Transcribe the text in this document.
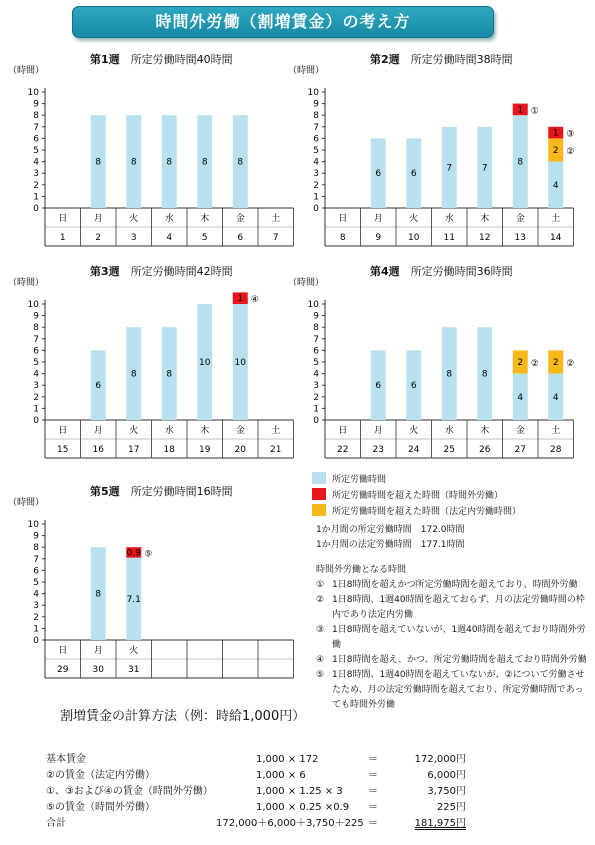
時間外労働（割増賃金）の考え方
第1週　 所定労働時間40時間	第2週　 所定労働時間38時間
第3週　 所定労働時間42時間	第4週　 所定労働時間36時間
第5週　 所定労働時間16時間
（時間）
0
1
2
3
4
5
6
7
8
9
10
日
1
月
2
火
3
水
4
木
5
金
6
土
7
8	8	8	8	8
（時間）
0
1
2
3
4
5
6
7
8
9
10
日
8
月
9
火
10
水
11
木
12
金
13
土
14
6	6
7	7
8
1 ①
4
2 ②
1 ③
（時間）
0
1
2
3
4
5
6
7
8
9
10
日
15
月
16
火
17
水
18
木
19
金
20
土
21
6
8	8
10	10
1 ④
（時間）
0
1
2
3
4
5
6
7
8
9
10
日
22
月
23
火
24
水
25
木
26
金
27
土
28
6	6
8	8
4
2 ②
4
2 ②
（時間）
0
1
2
3
4
5
6
7
8
9
10
日
29
月
30
火
31
8
7.1
0.9 ⑤
所定労働時間
所定労働時間を超えた時間（時間外労働）
所定労働時間を超えた時間（法定内労働時間）
1か月間の所定労働時間　 172.0時間
1か月間の法定労働時間　 177.1時間
時間外労働となる時間
① 1日8時間を超えかつ所定労働時間を超えており、時間外労働
② 1日8時間、1週40時間を超えておらず、月の法定労働時間の枠内であり法定内労働
③ 1日8時間を超えていないが、1週40時間を超えており時間外労働
④ 1日8時間を超え、かつ、所定労働時間を超えており時間外労働
⑤ 1日8時間、1週40時間を超えていないが、②について労働させたため、月の法定労働時間を超えており、所定労働時間であっても時間外労働
割増賃金の計算方法（例：時給1,000円）
基本賃金	1,000 × 172	＝	172,000円
②の賃金（法定内労働）	1,000 × 6	＝	6,000円
①、③および④の賃金（時間外労働）	1,000 × 1.25 × 3	＝	3,750円
⑤の賃金（時間外労働）	1,000 × 0.25 ×0.9 ＝	225円
合計	172,000＋6,000＋3,750＋225 ＝	181,975円
